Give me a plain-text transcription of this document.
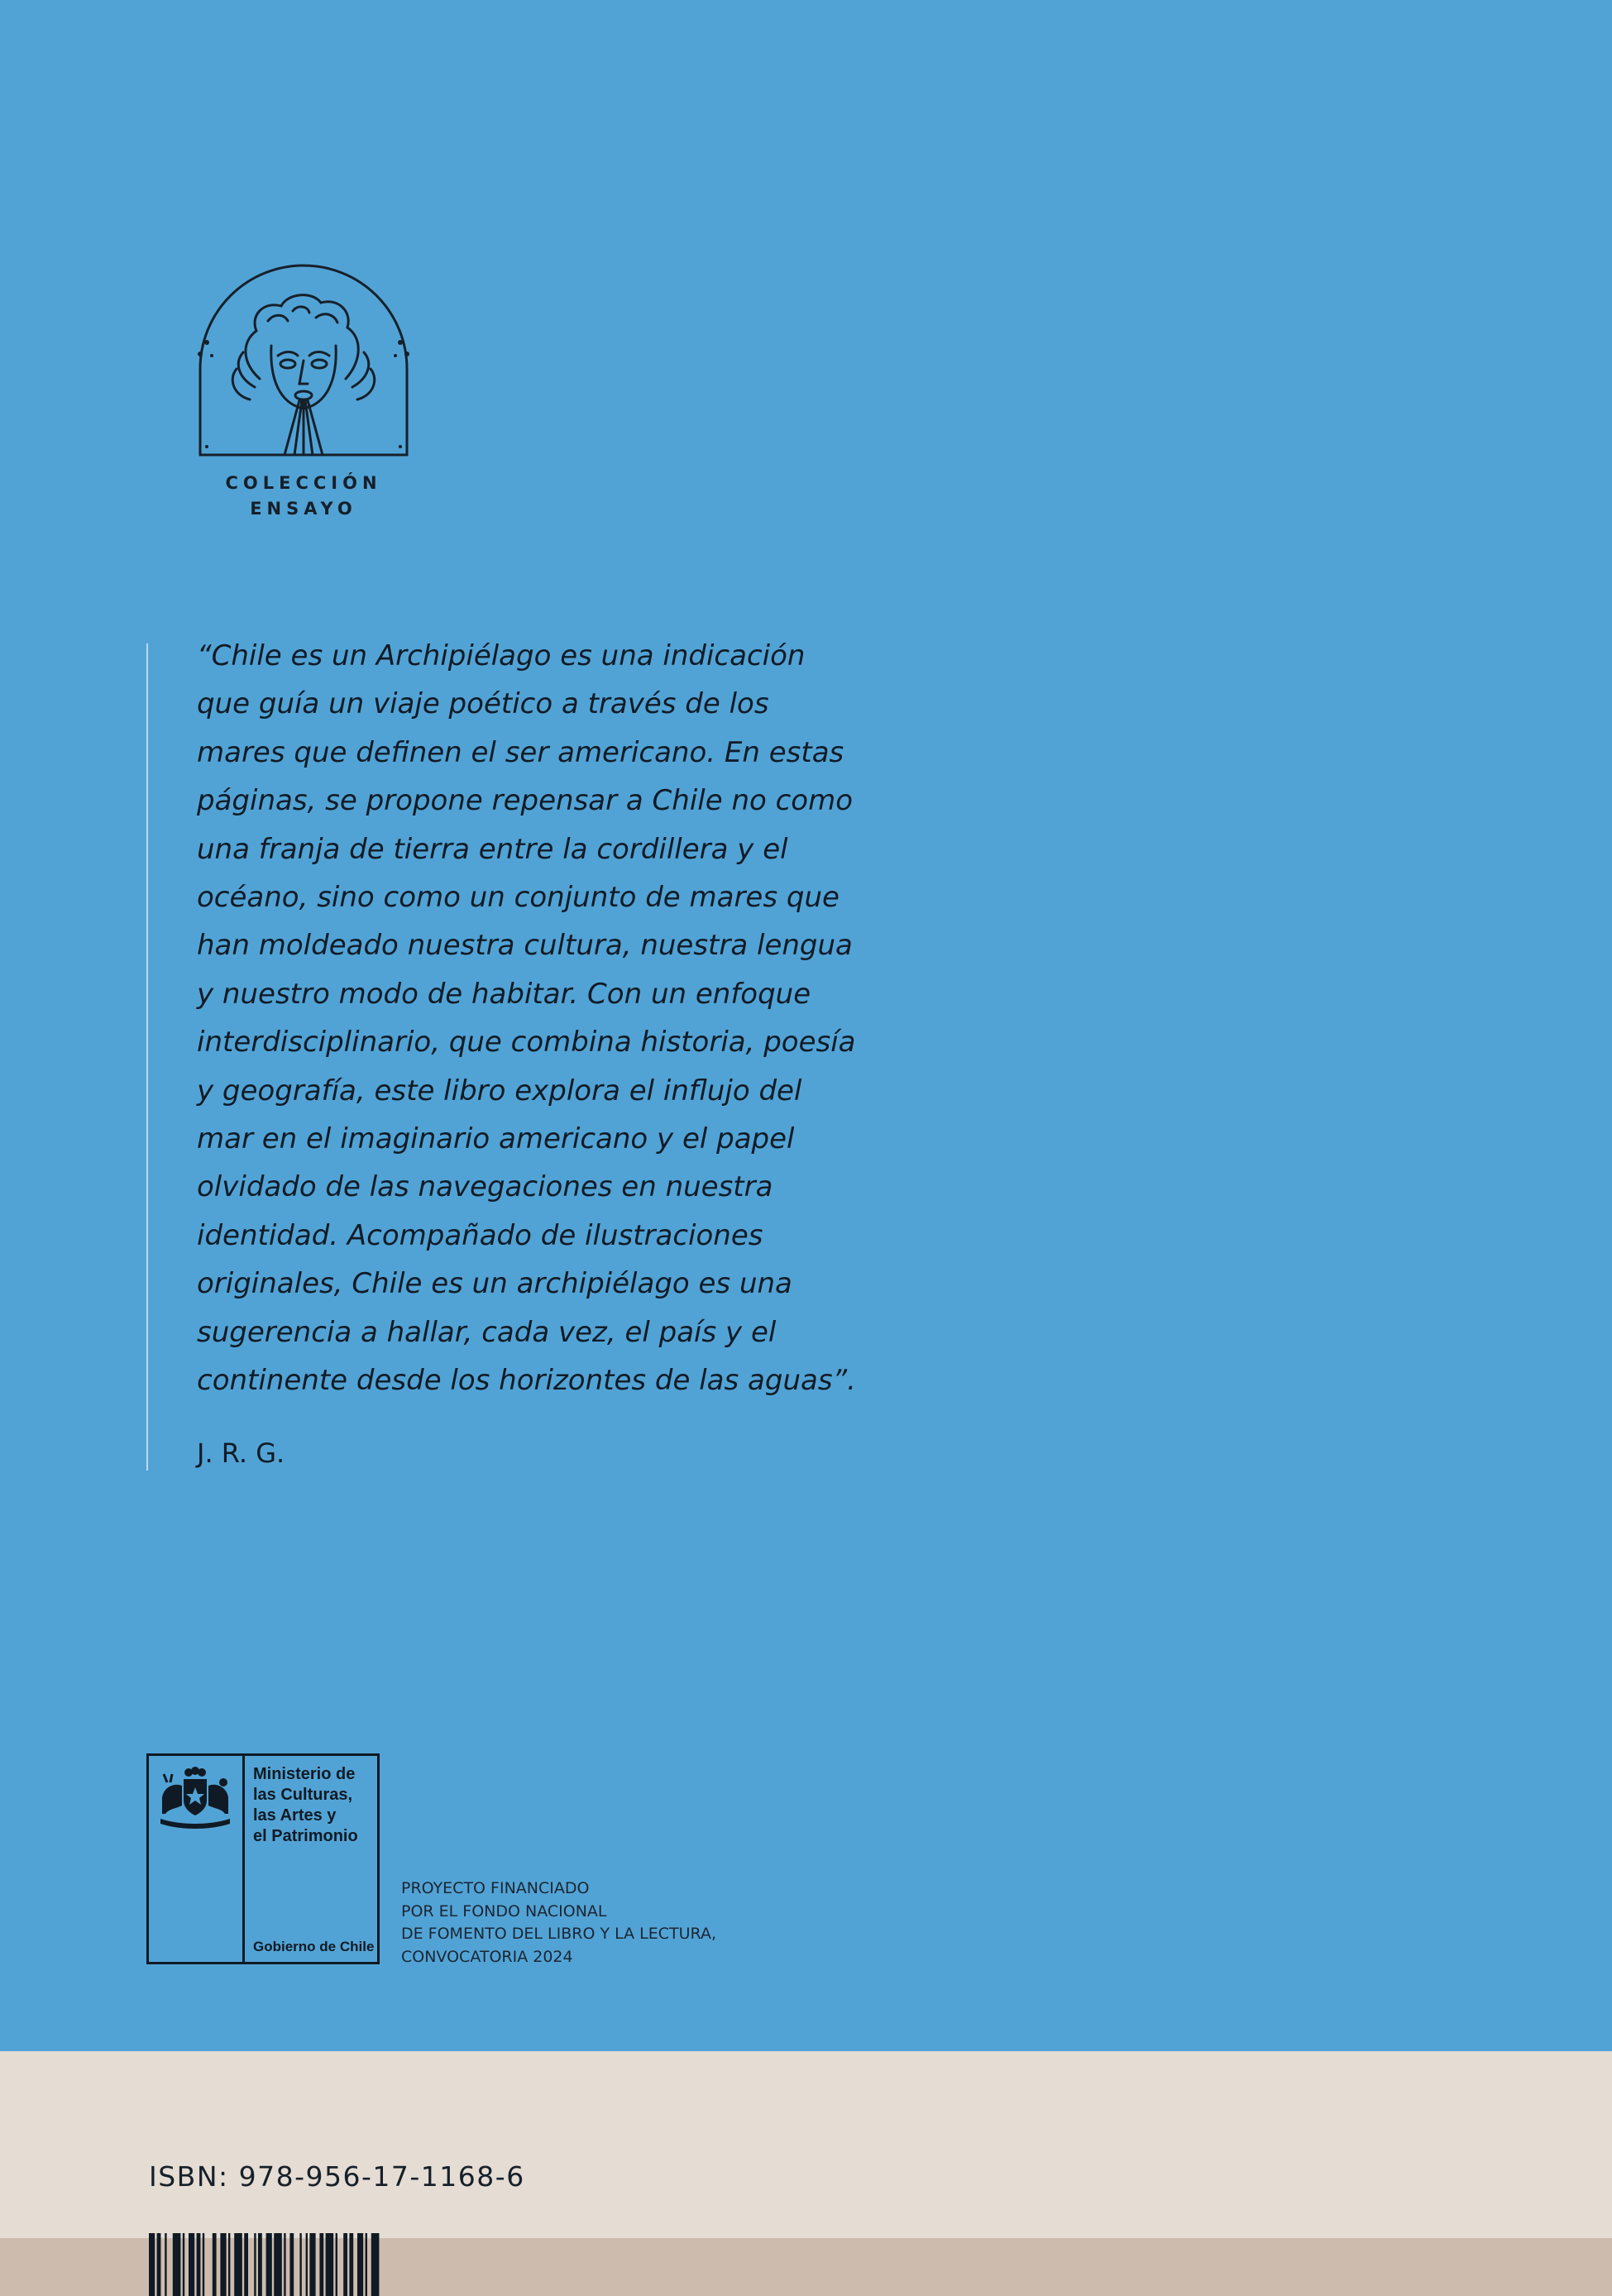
COLECCIÓN
ENSAYO
“Chile es un Archipiélago es una indicación
que guía un viaje poético a través de los
mares que definen el ser americano. En estas
páginas, se propone repensar a Chile no como
una franja de tierra entre la cordillera y el
océano, sino como un conjunto de mares que
han moldeado nuestra cultura, nuestra lengua
y nuestro modo de habitar. Con un enfoque
interdisciplinario, que combina historia, poesía
y geografía, este libro explora el influjo del
mar en el imaginario americano y el papel
olvidado de las navegaciones en nuestra
identidad. Acompañado de ilustraciones
originales, Chile es un archipiélago es una
sugerencia a hallar, cada vez, el país y el
continente desde los horizontes de las aguas”.
J. R. G.
Ministerio de
las Culturas,
las Artes y
el Patrimonio
Gobierno de Chile
PROYECTO FINANCIADO
POR EL FONDO NACIONAL
DE FOMENTO DEL LIBRO Y LA LECTURA,
CONVOCATORIA 2024
ISBN: 978-956-17-1168-6
